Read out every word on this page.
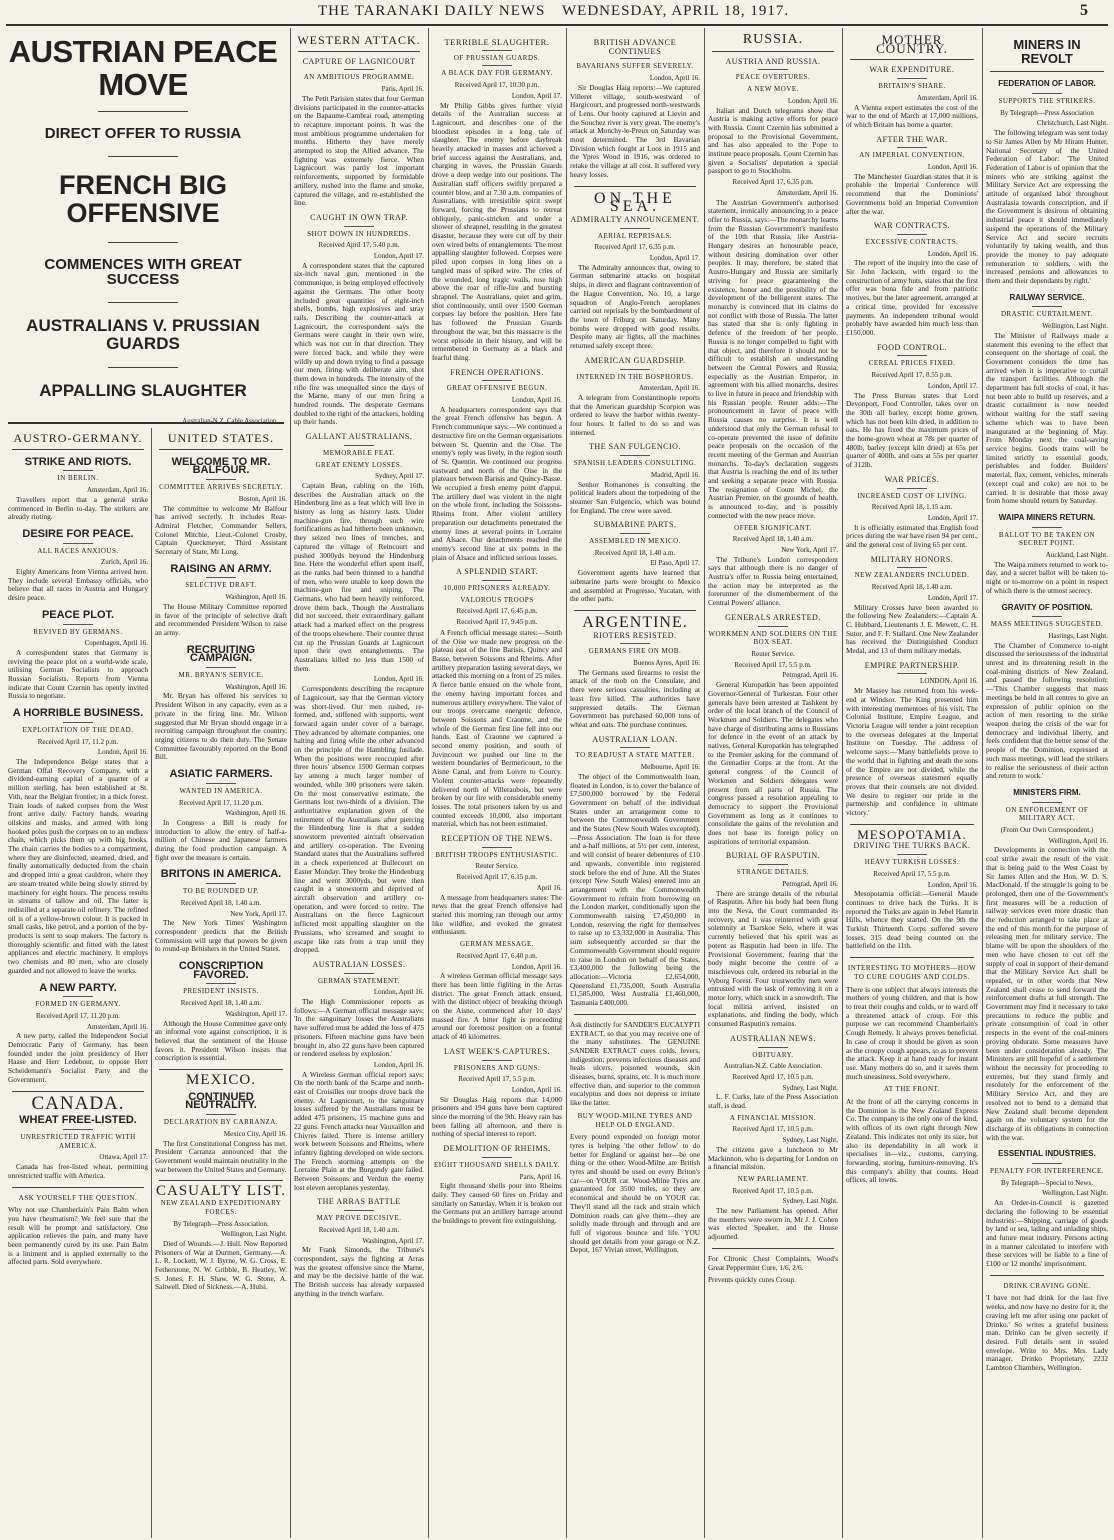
THE TARANAKI DAILY NEWS WEDNESDAY, APRIL 18, 1917.	5

AUSTRIAN PEACE MOVE

DIRECT OFFER TO RUSSIA

FRENCH BIG OFFENSIVE

COMMENCES WITH GREAT SUCCESS

AUSTRALIANS V. PRUSSIAN GUARDS

APPALLING SLAUGHTER

Australian-N.Z. Cable Association.
AUSTRO-GERMANY.
STRIKE AND RIOTS.
IN BERLIN.
Amsterdam, April 16.

Travellers report that a general strike commenced in Berlin to-day. The strikers are already rioting.

DESIRE FOR PEACE.
ALL RACES ANXIOUS.
Zurich, April 16.

Eighty Americans from Vienna arrived here. They include several Embassy officials, who believe that all races in Austria and Hungary desire peace.

PEACE PLOT.
REVIVED BY GERMANS.
Copenhagen, April 16.

A correspondent states that Germany is reviving the peace plot on a world-wide scale, utilising German Socialists to approach Russian Socialists. Reports from Vienna indicate that Count Czernin has openly invited Russia to negotiate.

A HORRIBLE BUSINESS.
EXPLOITATION OF THE DEAD.
Received April 17, 11.2 p.m.
London, April 16.

The Independence Belge states that a German Offal Recovery Company, with a dividend-earning capital of a quarter of a million sterling, has been established at St. Vith, near the Belgian frontier, in a thick forest. Train loads of naked corpses from the West front arrive daily. Factory hands, wearing oilskins and masks, and armed with long hooked poles push the corpses on to an endless chain, which picks them up with big hooks. The chain carries the bodies to a compartment, where they are disinfected, steamed, dried, and finally automatically deducted from the chain and dropped into a great cauldron, where they are steam treated while being slowly stirred by machinery for eight hours. The process results in streams of tallow and oil. The latter is redistilled at a separate oil refinery. The refined oil is of a yellow-brown colour. It is packed in small casks, like petrol, and a portion of the by-products is sent to soap makers. The factory is thoroughly scientific and fitted with the latest appliances and electric machinery. It employs two chemists and 80 men, who are closely guarded and not allowed to leave the works.

A NEW PARTY.
FORMED IN GERMANY.
Received April 17, 11.20 p.m.
Amsterdam, April 16.

A new party, called the Independent Social Democratic Party of Germany, has been founded under the joint presidency of Herr Haase and Herr Ledebour, to oppose Herr Scheidemann's Socialist Party and the Government.

CANADA.
WHEAT FREE-LISTED.
UNRESTRICTED TRAFFIC WITH AMERICA.
Ottawa, April 17.

Canada has free-listed wheat, permitting unrestricted traffic with America.

ASK YOURSELF THE QUESTION.

Why not use Chamberlain's Pain Balm when you have rheumatism? We feel sure that the result will be prompt and satisfactory. One application relieves the pain, and many have been permanently cured by its use. Pain Balm is a liniment and is applied externally to the affected parts. Sold everywhere.

UNITED STATES.
WELCOME TO MR. BALFOUR.
COMMITTEE ARRIVES SECRETLY.
Boston, April 16.

The committee to welcome Mr Balfour has arrived secretly. It includes Rear-Admiral Fletcher, Commander Sellers, Colonel Mitchie, Lieut.-Colonel Crosby, Captain Queckmeyer, Third Assistant Secretary of State, Mr Long.

RAISING AN ARMY.
SELECTIVE DRAFT.
Washington, April 16.

The House Military Committee reported in favor of the principle of selective draft and recommended President Wilson to raise an army.

RECRUITING CAMPAIGN.
MR. BRYAN'S SERVICE.
Washington, April 16.

Mr. Bryan has offered his services to President Wilson in any capacity, even as a private in the firing line. Mr. Wilson suggested that Mr Bryan should engage in a recruiting campaign throughout the country, urging citizens to do their duty. The Senate Committee favourably reported on the Bond Bill.

ASIATIC FARMERS.
WANTED IN AMERICA.
Received April 17, 11.20 p.m.
Washington, April 16.

In Congress a Bill is ready for introduction to allow the entry of half-a-million of Chinese and Japanese farmers during the food production campaign. A fight over the measure is certain.

BRITONS IN AMERICA.
TO BE ROUNDED UP.
Received April 18, 1.40 a.m.
New York, April 17.

The New York Times' Washington correspondent predicts that the British Commission will urge that powers be given to round-up Britishers in the United States.

CONSCRIPTION FAVORED.
PRESIDENT INSISTS.
Received April 18, 1.40 a.m.
Washington, April 17.

Although the House Committee gave only an informal vote against conscription, it is believed that the sentiment of the House favors it. President Wilson insists that conscription is essential.

MEXICO.
CONTINUED NEUTRALITY.
DECLARATION BY CARRANZA.
Mexico City, April 16.

The first Constitutional Congress has met. President Carranza announced that the Government would maintain neutrality in the war between the United States and Germany.

CASUALTY LIST.
NEW ZEALAND EXPEDITIONARY FORCES.
By Telegraph—Press Association.
Wellington, Last Night.

Died of Wounds.—J. Hull. Now Reported Prisoners of War at Durmen, Germany.—A. L. R. Lockett, W. J. Byrne, W. G. Cross, E. Fetherstone, N. W. Gribble, B. Heatley, W. S. Jones, F. H. Shaw, W. G. Stone, A. Saltwell. Died of Sickness.—A. Hulsi.

WESTERN ATTACK.
CAPTURE OF LAGNICOURT
AN AMBITIOUS PROGRAMME.
Paris, April 16.

The Petit Parisien states that four German divisions participated in the counter-attacks on the Bapaume-Cambrai road, attempting to recapture important points. It was the most ambitious programme undertaken for months. Hitherto they have merely attempted to stop the Allied advance. The fighting was extremely fierce. When Lagnicourt was partly lost important reinforcements, supported by formidable artillery, rushed into the flame and smoke, captured the village, and re-established the line.

CAUGHT IN OWN TRAP.
SHOT DOWN IN HUNDREDS.
Received April 17, 5.40 p.m.
London, April 17.

A correspondent states that the captured six-inch naval gun, mentioned in the communique, is being employed effectively against the Germans. The other booty included great quantities of eight-inch shells, bombs, high explosives and stray rails. Describing the counter-attack at Lagnicourt, the correspondent says the Germans were caught in their own wire, which was not cut in that direction. They were forced back, and while they were wildly up and down trying to find a passage our men, firing with deliberate aim, shot them down in hundreds. The intensity of the rifle fire was unequalled since the days of the Marne, many of our men firing a hundred rounds. The desperate Germans doubled to the right of the attackers, holding up their hands.

GALLANT AUSTRALIANS.
MEMORABLE FEAT.
GREAT ENEMY LOSSES.
Sydney, April 17.

Captain Bean, cabling on the 16th, describes the Australian attack on the Hindenburg line as a feat which will live in history as long as history lasts. Under machine-gun fire, through such wire fortifications as had hitherto been unknown, they seized two lines of trenches, and captured the village of Reincourt and pushed 3000yds beyond the Hindenburg line. Here the wonderful effort spent itself, as the ranks had been thinned to a handful of men, who were unable to keep down the machine-gun fire and sniping. The Germans, who had been heavily reinforced, drove them back. Though the Australians did not succeed, their extraordinary gallant attack had a marked effect on the progress of the troops elsewhere. Their counter thrust cut up the Prussian Guards at Lagnicourt upon their own entanglements. The Australians killed no less than 1500 of them.

London, April 16.

Correspondents describing the recapture of Lagnicourt, say that the German victory was short-lived. Our men rushed, re-formed, and, stiffened with supports, went forward again under cover of a barrage. They advanced by alternate companies, one halting and firing while the other advanced on the principle of the Hambling fusilade. When the positions were reoccupied after three hours' absence 1500 German corpses lay among a much larger number of wounded, while 300 prisoners were taken. On the most conservative estimate, the Germans lost two-thirds of a division. The authoritative explanation given of the retirement of the Australians after piercing the Hindenburg line is that a sudden snowstorm prevented aircraft observation and artillery co-operation. The Evening Standard states that the Australians suffered in a check experienced at Bullecourt on Easter Monday. They broke the Hindenburg line and went 3000yds, but were then caught in a snowstorm and deprived of aircraft observation and artillery co-operation, and were forced to retire. The Australians on the fierce Lagnicourt inflicted most appalling slaughter on the Prussians, who screamed and sought to escape like rats from a trap until they dropped.

AUSTRALIAN LOSSES.
GERMAN STATEMENT.
London, April 16.

The High Commissioner reports as follows:—A German official message says: 'In the sanguinary losses the Australians have suffered must be added the loss of 475 prisoners. Fifteen machine guns have been brought in, also 22 guns have been captured or rendered useless by explosion.'

London, April 16.

A Wireless German official report says: On the north bank of the Scarpe and north-east of Croisilles our troops drove back the enemy. At Lagnicourt, to the sanguinary losses suffered by the Australians must be added 475 prisoners, 15 machine guns and 22 guns. French attacks near Vauxaillon and Chivres failed. There is intense artillery work between Soissons and Rheims, where infantry fighting developed on wide sectors. The French storming attempts on the Lorraine Plain at the Burgundy gate failed. Between Soissons and Verdun the enemy lost eleven aeroplanes yesterday.

THE ARRAS BATTLE
MAY PROVE DECISIVE.
Received April 18, 1.40 a.m.
Washington, April 17.

Mr Frank Simonds, the Tribune's correspondent, says the fighting at Arras was the greatest offensive since the Marne, and may be the decisive battle of the war. The British success has already surpassed anything in the trench warfare.

TERRIBLE SLAUGHTER.
OF PRUSSIAN GUARDS.
A BLACK DAY FOR GERMANY.
Received April 17, 10.30 p.m.
London, April 17.

Mr Philip Gibbs gives further vivid details of the Australian success at Lagnicourt, and describes one of the bloodiest episodes in a long tale of slaughter. The enemy before daybreak heavily attacked in masses and achieved a brief success against the Australians, and, charging in waves, the Prussian Guards drove a deep wedge into our positions. The Australian staff officers swiftly prepared a counter blow, and at 7.30 a.m. companies of Australians, with irresistible spirit swept forward, forcing the Prussians to retreat obliquely, panic-stricken and under a shower of shrapnel, resulting in the greatest disaster, because they were cut off by their own wired belts of entanglements. The most appalling slaughter followed. Corpses were piled upon corpses in long lines on a tangled mass of spiked wire. The cries of the wounded, long tragic wails, rose high above the roar of rifle-fire and bursting shrapnel. The Australians, quiet and grim, shot continuously, until over 1500 German corpses lay before the position. Here fate has followed the Prussian Guards throughout the war, but this massacre is the worst episode in their history, and will be remembered in Germany as a black and fearful thing.

FRENCH OPERATIONS.
GREAT OFFENSIVE BEGUN.
London, April 16.

A headquarters correspondent says that the great French offensive has begun. A French communique says:—We continued a destructive fire on the German organisations between St. Quentin and the Oise. The enemy's reply was lively, in the region south of St. Quentin. We continued our progress eastward and north of the Oise in the plateaux between Barisis and Quincy-Basse. We occupied a fresh enemy point d'appui. The artillery duel was violent in the night on the whole front, including the Soissons-Rheims front. After violent artillery preparation our detachments penetrated the enemy lines at several points in Lorraine and Alsace. Our detachments reached the enemy's second line at six points in the plain of Alsace and inflicted serious losses.

A SPLENDID START.
10,000 PRISONERS ALREADY.
VALOROUS TROOPS
Received April 17, 6.45 p.m.
Received April 17, 9.45 p.m.

A French official message states:—South of the Oise we made new progress on the plateau east of the line Barisis, Quincy and Basse, between Soissons and Rheims. After artillery preparation lasting several days, we attacked this morning on a front of 25 miles. A fierce battle ensued on the whole front, the enemy having important forces and numerous artillery everywhere. The valor of our troops overcame energetic defence, between Soissons and Craonne, and the whole of the German first line fell into our hands. East of Craonne we captured a second enemy position, and south of Juvincourt we pushed our line to the western boundaries of Bermericourt, to the Aisne Canal, and from Loivre to Courcy. Violent counter-attacks were repeatedly delivered north of Villeraubois, but were broken by our fire with considerable enemy losses. The total prisoners taken by us and counted exceeds 10,000, also important material, which has not been estimated.

RECEPTION OF THE NEWS.
BRITISH TROOPS ENTHUSIASTIC.
Reuter Service.
Received April 17, 6.15 p.m.
April 16.

A message from headquarters states: The news that the great French offensive had started this morning ran through our army like wildfire, and evoked the greatest enthusiasm.

GERMAN MESSAGE.
Received April 17, 6.40 p.m.
London, April 16.

A wireless German official message says there has been little fighting in the Arras district. The great French attack ensued, with the distinct object of breaking through on the Aisne, commenced after 10 days' massed fire. A bitter fight is proceeding around our foremost position on a frontal attack of 40 kilometres.

LAST WEEK'S CAPTURES.
PRISONERS AND GUNS.
Received April 17, 5.5 p.m.
London, April 16.

Sir Douglas Haig reports that 14,000 prisoners and 194 guns have been captured since the morning of the 9th. Heavy rain has been falling all afternoon, and there is nothing of special interest to report.

DEMOLITION OF RHEIMS.
EIGHT THOUSAND SHELLS DAILY.
Paris, April 16.

Eight thousand shells pour into Rheims daily. They caused 60 fires on Friday and similarly on Saturday. When it is broken out the Germans put an artillery barrage around the buildings to prevent fire extinguishing.

BRITISH ADVANCE CONTINUES
BAVARIANS SUFFER SEVERELY.
London, April 16.

Sir Douglas Haig reports:—We captured Villeret village, south-westward of Hargicourt, and progressed north-westwards of Lens. Our booty captured at Lievin and the Souchez river is very great. The enemy's attack at Monchy-le-Preux on Saturday was most determined. The 3rd Bavarian Division which fought at Loos in 1915 and the Ypres Wood in 1916, was ordered to retake the village at all cost. It suffered very heavy losses.

ON THE SEA.
ADMIRALTY ANNOUNCEMENT.
AERIAL REPRISALS.
Received April 17, 6.35 p.m.
London, April 17.

The Admiralty announces that, owing to German submarine attacks on hospital ships, in direct and flagrant contravention of the Hague Convention, No. 10, a large squadron of Anglo-French aeroplanes carried out reprisals by the bombardment of the town of Friburg on Saturday. Many bombs were dropped with good results. Despite many air fights, all the machines returned safely except three.

AMERICAN GUARDSHIP.
INTERNED IN THE BOSPHORUS.
Amsterdam, April 16.

A telegram from Constantinople reports that the American guardship Scorpion was ordered to leave the harbor within twenty-four hours. It failed to do so and was interned.

THE SAN FULGENCIO.
SPANISH LEADERS CONSULTING.
Madrid, April 16.

Senhor Romanones is consulting the political leaders about the torpedoing of the steamer San Fulgencio, which was bound for England. The crew were saved.

SUBMARINE PARTS.
ASSEMBLED IN MEXICO.
Received April 18, 1.40 a.m.
El Paso, April 17.

Government agents have learned that submarine parts were brought to Mexico and assembled at Progresso, Yucatan, with the other parts.

ARGENTINE.
RIOTERS RESISTED.
GERMANS FIRE ON MOB.
Buenos Ayres, April 16.

The Germans used firearms to resist the attack of the mob on the Consulate, and there were serious casualties, including at least five killed. The authorities have suppressed details. The German Government has purchased 60,000 tons of wheat and oats. The purchase continues.

AUSTRALIAN LOAN.
TO READJUST A STATE MATTER.
Melbourne, April 16.

The object of the Commonwealth loan, floated in London, is to cover the balance of £7,500,000 borrowed by the Federal Government on behalf of the individual States under an arrangement come to between the Commonwealth Government and the States (New South Wales excepted).—Press Association. The loan is for three and a-half millions, at 5½ per cent. interest, and will consist of bearer debentures of £10 and upwards, convertible into registered stock before the end of June. All the States (except New South Wales) entered into an arrangement with the Commonwealth Government to refrain from borrowing on the London market, conditionally upon the Commonwealth raising £7,450,000 in London, reserving the right for themselves to raise up to £3,332,000 in Australia. This sum subsequently accorded so that the Commonwealth Government should require to raise in London on behalf of the States, £3,400,000 the following being the allocation:—Victoria £2,654,000, Queensland £1,735,000, South Australia £1,585,000, West Australia £1,460,000, Tasmania £400,000.

Ask distinctly for SANDER'S EUCALYPTI EXTRACT, so that you may receive one of the many substitutes. The GENUINE SANDER EXTRACT cures colds, fevers, indigestion; prevents infectious diseases and heals ulcers, poisoned wounds, skin diseases, burns, sprains, etc. It is much more effective than, and superior to the common eucalyptus and does not depress or irritate like the latter.

BUY WOOD-MILNE TYRES AND HELP OLD ENGLAND.

Every pound expended on foreign motor tyres is helping 'the other fellow' to do better for England or against her—be one thing or the other. Wood-Milne are British tyres and should be used on every Briton's car—on YOUR car. Wood-Milne Tyres are guaranteed for 3500 miles, so they are economical and should be on YOUR car. They'll stand all the rack and strain which Dominion roads can give them—they are solidly made through and through and are full of vigorous bounce and life. YOU should get details from your garage or N.Z. Depot, 167 Vivian street, Wellington.

RUSSIA.
AUSTRIA AND RUSSIA.
PEACE OVERTURES.
A NEW MOVE.
London, April 16.

Italian and Dutch telegrams show that Austria is making active efforts for peace with Russia. Count Czernin has submitted a proposal to the Provisional Government, and has also appealed to the Pope to institute peace proposals. Count Czernin has given a Socialists' deputation a special passport to go to Stockholm.

Received April 17, 6.35 p.m.
Amsterdam, April 16.

The Austrian Government's authorised statement, ironically announcing to a peace offer to Russia, says:—The monarchy learns from the Russian Government's manifesto of the 10th that Russia, like Austria-Hungary desires an honourable peace, without desiring domination over other peoples. It may, therefore, be stated that Austro-Hungary and Russia are similarly striving for peace guaranteeing the existence, honor and the possibility of the development of the belligerent states. The monarchy is convinced that its claims do not conflict with those of Russia. The latter has stated that she is only fighting in defence of the freedom of her people. Russia is no longer compelled to fight with that object, and therefore it should not be difficult to establish an understanding between the Central Powers and Russia, especially as the Austrian Emperor, in agreement with his allied monarchs, desires to live in future in peace and friendship with his Russian people. Reuter adds:—The pronouncement in favor of peace with Russia causes no surprise. It is well understood that only the German refusal to co-operate prevented the issue of definite peace proposals on the occasion of the recent meeting of the German and Austrian monarchs. To-day's declaration suggests that Austria is reaching the end of its tether and seeking a separate peace with Russia. The resignation of Count Michel, the Austrian Premier, on the grounds of health, is announced to-day, and is possibly connected with the new peace move.

OFFER SIGNIFICANT.
Received April 18, 1.40 a.m.
New York, April 17.

The Tribune's London correspondent says that although there is no danger of Austria's offer to Russia being entertained, the action may be interpreted as the forerunner of the dismemberment of the Central Powers' alliance.

GENERALS ARRESTED.
WORKMEN AND SOLDIERS ON THE BOX SEAT.
Reuter Service.
Received April 17, 5.5 p.m.
Petrograd, April 16.

General Kuropatkin has been appointed Governor-General of Turkestan. Four other generals have been arrested at Tashkent by order of the local branch of the Council of Workmen and Soldiers. The delegates who have charge of distributing arms to Russians for defence in the event of an attack by natives, General Kuropatkin has telegraphed to the Premier asking for the command of the Grenadier Corps at the front. At the general congress of the Council of Workmen and Soldiers delegates were present from all parts of Russia. The congress passed a resolution appealing to democracy to support the Provisional Government as long as it continues to consolidate the gains of the revolution and does not base its foreign policy on aspirations of territorial expansion.

BURIAL OF RASPUTIN.
STRANGE DETAILS.
Petrograd, April 16.

There are strange details of the reburial of Rasputin. After his body had been flung into the Neva, the Court commanded its recovery, and it was reinterred with great solemnity at Tsarskoe Selo, where it was currently believed that his spirit was as potent as Rasputin had been in life. The Provisional Government, fearing that the body might become the centre of a mischievous cult, ordered its reburial in the Vyborg Forest. Four trustworthy men were entrusted with the task of removing it on a motor lorry, which stuck in a snowdrift. The local militia arrived, insisted on explanations, and finding the body, which consumed Rasputin's remains.

AUSTRALIAN NEWS.
OBITUARY.
Australian-N.Z. Cable Association.
Received April 17, 10.5 p.m.
Sydney, Last Night.

L. F. Curks, late of the Press Association staff, is dead.

A FINANCIAL MISSION.
Received April 17, 10.5 p.m.
Sydney, Last Night.

The citizens gave a luncheon to Mr Mackinnon, who is departing for London on a financial mission.

NEW PARLIAMENT.
Received April 17, 10.5 p.m.
Sydney, Last Night.

The new Parliament has opened. After the members were sworn in, Mr J. J. Cohen was elected Speaker, and the House adjourned.

For Chronic Chest Complaints, Wood's Great Peppermint Cure, 1/6, 2/6.

Prevents quickly cures Croup.

MOTHER COUNTRY.
WAR EXPENDITURE.
BRITAIN'S SHARE.
Amsterdam, April 16.

A Vienna expert estimates the cost of the war to the end of March at 17,000 millions, of which Britain has borne a quarter.

AFTER THE WAR.
AN IMPERIAL CONVENTION.
London, April 16.

The Manchester Guardian states that it is probable the Imperial Conference will recommend that the Dominions' Governments hold an Imperial Convention after the war.

WAR CONTRACTS.
EXCESSIVE CONTRACTS.
London, April 16.

The report of the inquiry into the case of Sir John Jackson, with regard to the construction of army huts, states that the first offer was bona fide and from patriotic motives, but the later agreement, arranged at a critical time, provided for excessive payments. An independent tribunal would probably have awarded him much less than £150,000.

FOOD CONTROL.
CEREAL PRICES FIXED.
Received April 17, 8.55 p.m.
London, April 17.

The Press Bureau states that Lord Devonport, Food Controller, takes over on the 30th all barley, except home grown, which has not been kiln dried, in addition to oats. He has fixed the maximum prices of the home-grown wheat at 78s per quarter of 480lb, barley (except kiln dried) at 65s per quarter of 400lb, and oats at 55s per quarter of 312lb.

WAR PRICES.
INCREASED COST OF LIVING.
Received April 18, 1.15 a.m.
London, April 17.

It is officially estimated that English food prices during the war have risen 94 per cent., and the general cost of living 65 per cent.

MILITARY HONORS.
NEW ZEALANDERS INCLUDED.
Received April 18, 1.40 a.m.
London, April 17.

Military Crosses have been awarded to the following New Zealanders:—Captain A. C. Hubbard, Lieutenants J. E. Mewett, C. H. Sutor, and F. F. Stallard. One New Zealander has received the Distinguished Conduct Medal, and 13 of them military medals.

EMPIRE PARTNERSHIP.
LONDON, April 16.

Mr Massey has returned from his week-end at Windsor. The King presented him with interesting mementoes of his visit. The Colonial Institute, Empire League, and Victoria League will tender a joint reception to the overseas delegates at the Imperial Institute on Tuesday. The address of welcome says:—'Many battlefields prove to the world that in fighting and death the sons of the Empire are not divided, while the presence of overseas statesmen equally proves that their counsels are not divided. We desire to register our pride in the partnership and confidence in ultimate victory.'

MESOPOTAMIA.
DRIVING THE TURKS BACK.
HEAVY TURKISH LOSSES.
Received April 17, 5.5 p.m.
London, April 16.

Mesopotamia official:—General Maude continues to drive back the Turks. It is reported the Turks are again in Jebel Hamrin Hills, whence they started. On the 9th the Turkish Thirteenth Corps suffered severe losses, 315 dead being counted on the battlefield on the 11th.

INTERESTING TO MOTHERS—HOW TO CURE COUGHS AND COLDS.

There is one subject that always interests the mothers of young children, and that is how to treat their coughs and colds, or to ward off a threatened attack of croup. For this purpose we can recommend Chamberlain's Cough Remedy. It always proves beneficial. In case of croup it should be given as soon as the croupy cough appears, so as to prevent the attack. Keep it at hand ready for instant use. Many mothers do so, and it saves them much uneasiness. Sold everywhere.

AT THE FRONT.

At the front of all the carrying concerns in the Dominion is the New Zealand Express Co. The company is the only one of the kind, with offices of its own right through New Zealand. This indicates not only its size, but also its dependability in all work it specialises in—viz., customs, carrying, forwarding, storing, furniture-removing. It's this company's ability that counts. Head offices, all towns.

MINERS IN REVOLT
FEDERATION OF LABOR.
SUPPORTS THE STRIKERS.
By Telegraph—Press Association
Christchurch, Last Night.

The following telegram was sent today to Sir James Allen by Mr Hiram Hunter, National Secretary of the United Federation of Labor: 'The United Federation of Labor is of opinion that the miners who are striking against the Military Service Act are expressing the attitude of organised labor throughout Australasia towards conscription, and if the Government is desirous of obtaining industrial peace it should immediately suspend the operations of the Military Service Act and secure recruits voluntarily by taking wealth, and thus provide the money to pay adequate remuneration to soldiers, with the increased pensions and allowances to them and their dependants by right.'

RAILWAY SERVICE.
DRASTIC CURTAILMENT.
Wellington, Last Night.

The Minister of Railways made a statement this evening to the effect that consequent on the shortage of coal, the Government considers the time has arrived when it is imperative to curtail the transport facilities. Although the department has full stocks of coal, it has not been able to build up reserves, and a drastic curtailment is now needed without waiting for the staff saving scheme which was to have been inaugurated at the beginning of May. From Monday next the coal-saving service begins. Goods trains will be limited strictly to essential goods, perishables and fodder. Builders' material, flax, cement, vehicles, minerals (except coal and coke) are not to be carried. It is desirable that those away from home should return by Saturday.

WAIPA MINERS RETURN.
BALLOT TO BE TAKEN ON SECRET POINT.
Auckland, Last Night.

The Waipa miners returned to work to-day, and a secret ballot will be taken to-night or to-morrow on a point in respect of which there is the utmost secrecy.

GRAVITY OF POSITION.
MASS MEETINGS SUGGESTED.
Hastings, Last Night.

The Chamber of Commerce to-night discussed the seriousness of the industrial unrest and its threatening result in the coal-mining districts of New Zealand, and passed the following resolution:—'This Chamber suggests that mass meetings be held in all centres to give an expression of public opinion on the action of men resorting to the strike weapon during the crisis of the war for democracy and individual liberty, and feels confident that the better sense of the people of the Dominion, expressed at such mass meetings, will lead the strikers to realise the seriousness of their action and return to work.'

MINISTERS FIRM.
ON ENFORCEMENT OF MILITARY ACT.
(From Our Own Correspondent.)
Wellington, April 16.

Developments in connection with the coal strike await the result of the visit that is being paid to the West Coast by Sir James Allen and the Hon. W. D. S. MacDonald. If the struggle is going to be prolonged, then one of the Government's first measures will be a reduction of railway services even more drastic than the reduction arranged to take place at the end of this month for the purpose of releasing men for military service. The blame will be upon the shoulders of the men who have chosen to cut off the supply of coal in support of their demand that the Military Service Act shall be repealed, or in other words that New Zealand shall cease to send forward the reinforcement drafts at full strength. The Government may find it necessary to take precautions to reduce the public and private consumption of coal in other respects in the event of the coal-miners proving obdurate. Some measures have been under consideration already. The Ministers are still hopeful of a settlement without the necessity for proceeding to extremes, but they stand firmly and resolutely for the enforcement of the Military Service Act, and they are resolved not to bend to a demand that New Zealand shall become dependent again on the voluntary system for the discharge of its obligations in connection with the war.

ESSENTIAL INDUSTRIES.
PENALTY FOR INTERFERENCE.
By Telegraph—Special to News.
Wellington, Last Night.

An Order-in-Council is gazetted declaring the following to be essential industries:—Shipping, carriage of goods by land or sea, lading and unlading ships, and future meat industry. Persons acting in a manner calculated to interfere with these services will be liable to a fine of £100 or 12 months' imprisonment.

DRINK CRAVING GONE.

'I have not had drink for the last five weeks, and now have no desire for it, the craving left me after using one packet of Drinko.' So writes a grateful business man. Drinko can be given secretly if desired. Full details sent in sealed envelope. Write to Mrs. Mrs. Lady manager, Drinko Proprietary, 2232 Lambton Chambers, Wellington.
